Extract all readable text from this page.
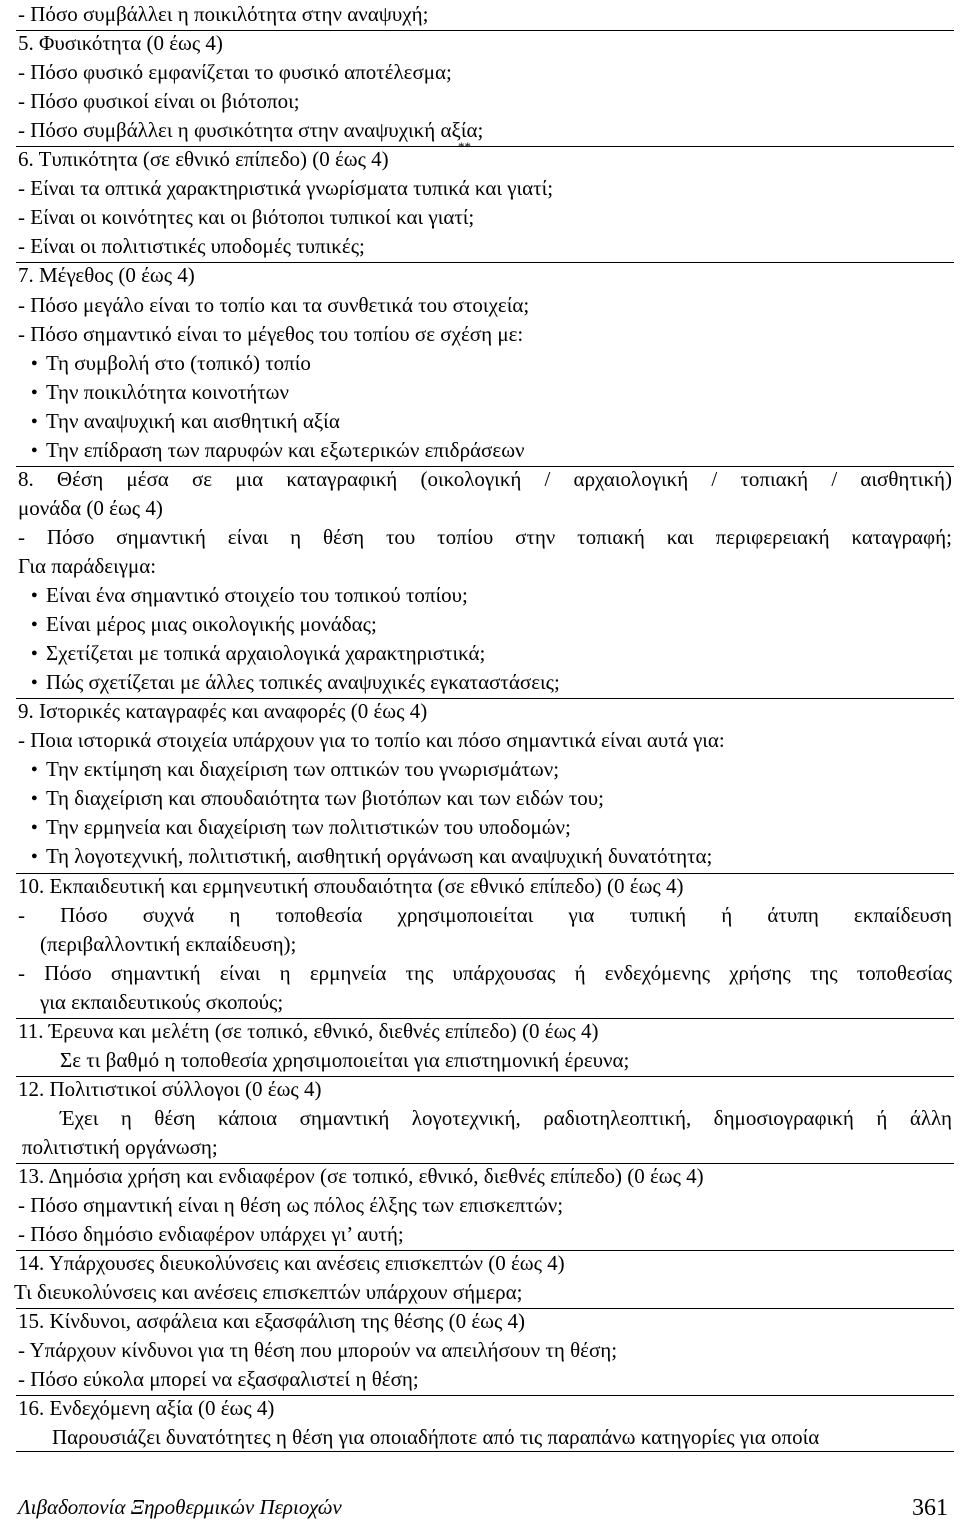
- Πόσο συμβάλλει η ποικιλότητα στην αναψυχή;
5. Φυσικότητα (0 έως 4)
- Πόσο φυσικό εμφανίζεται το φυσικό αποτέλεσμα;
- Πόσο φυσικοί είναι οι βιότοποι;
- Πόσο συμβάλλει η φυσικότητα στην αναψυχική αξία;
6. Τυπικότητα (σε εθνικό επίπεδο) (0 έως 4)
**
- Είναι τα οπτικά χαρακτηριστικά γνωρίσματα τυπικά και γιατί;
- Είναι οι κοινότητες και οι βιότοποι τυπικοί και γιατί;
- Είναι οι πολιτιστικές υποδομές τυπικές;
7. Μέγεθος (0 έως 4)
- Πόσο μεγάλο είναι το τοπίο και τα συνθετικά του στοιχεία;
- Πόσο σημαντικό είναι το μέγεθος του τοπίου σε σχέση με:
● Τη συμβολή στο (τοπικό) τοπίο
● Την ποικιλότητα κοινοτήτων
● Την αναψυχική και αισθητική αξία
● Την επίδραση των παρυφών και εξωτερικών επιδράσεων
8. Θέση μέσα σε μια καταγραφική (οικολογική / αρχαιολογική / τοπιακή / αισθητική)
μονάδα (0 έως 4)
- Πόσο σημαντική είναι η θέση του τοπίου στην τοπιακή και περιφερειακή καταγραφή;
Για παράδειγμα:
● Είναι ένα σημαντικό στοιχείο του τοπικού τοπίου;
● Είναι μέρος μιας οικολογικής μονάδας;
● Σχετίζεται με τοπικά αρχαιολογικά χαρακτηριστικά;
● Πώς σχετίζεται με άλλες τοπικές αναψυχικές εγκαταστάσεις;
9. Ιστορικές καταγραφές και αναφορές (0 έως 4)
- Ποια ιστορικά στοιχεία υπάρχουν για το τοπίο και πόσο σημαντικά είναι αυτά για:
● Την εκτίμηση και διαχείριση των οπτικών του γνωρισμάτων;
● Τη διαχείριση και σπουδαιότητα των βιοτόπων και των ειδών του;
● Την ερμηνεία και διαχείριση των πολιτιστικών του υποδομών;
● Τη λογοτεχνική, πολιτιστική, αισθητική οργάνωση και αναψυχική δυνατότητα;
10. Εκπαιδευτική και ερμηνευτική σπουδαιότητα (σε εθνικό επίπεδο) (0 έως 4)
- Πόσο συχνά η τοποθεσία χρησιμοποιείται για τυπική ή άτυπη εκπαίδευση
(περιβαλλοντική εκπαίδευση);
- Πόσο σημαντική είναι η ερμηνεία της υπάρχουσας ή ενδεχόμενης χρήσης της τοποθεσίας
για εκπαιδευτικούς σκοπούς;
11. Έρευνα και μελέτη (σε τοπικό, εθνικό, διεθνές επίπεδο) (0 έως 4)
Σε τι βαθμό η τοποθεσία χρησιμοποιείται για επιστημονική έρευνα;
12. Πολιτιστικοί σύλλογοι (0 έως 4)
Έχει η θέση κάποια σημαντική λογοτεχνική, ραδιοτηλεοπτική, δημοσιογραφική ή άλλη
πολιτιστική οργάνωση;
13. Δημόσια χρήση και ενδιαφέρον (σε τοπικό, εθνικό, διεθνές επίπεδο) (0 έως 4)
- Πόσο σημαντική είναι η θέση ως πόλος έλξης των επισκεπτών;
- Πόσο δημόσιο ενδιαφέρον υπάρχει γι’ αυτή;
14. Υπάρχουσες διευκολύνσεις και ανέσεις επισκεπτών (0 έως 4)
Τι διευκολύνσεις και ανέσεις επισκεπτών υπάρχουν σήμερα;
15. Κίνδυνοι, ασφάλεια και εξασφάλιση της θέσης (0 έως 4)
- Υπάρχουν κίνδυνοι για τη θέση που μπορούν να απειλήσουν τη θέση;
- Πόσο εύκολα μπορεί να εξασφαλιστεί η θέση;
16. Ενδεχόμενη αξία (0 έως 4)
Παρουσιάζει δυνατότητες η θέση για οποιαδήποτε από τις παραπάνω κατηγορίες για οποία
Λιβαδοπονία Ξηροθερμικών Περιοχών	361
